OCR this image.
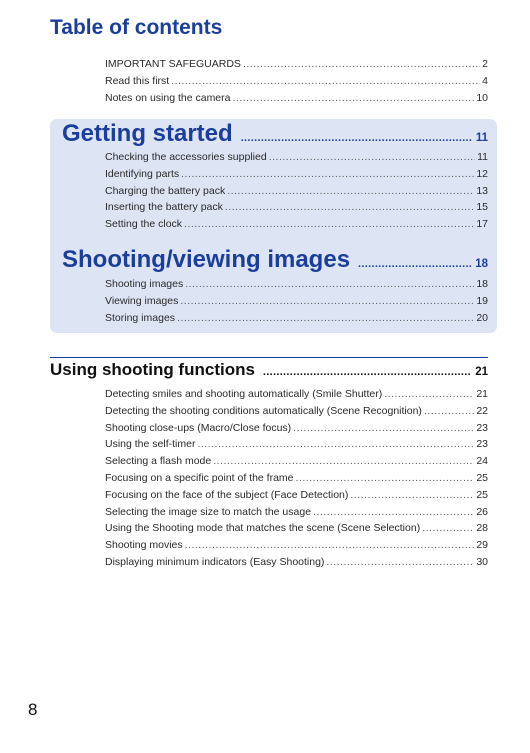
Table of contents
IMPORTANT SAFEGUARDS .....	2
Read this first .....	4
Notes on using the camera .....	10
Getting started .....	11
Checking the accessories supplied .....	11
Identifying parts .....	12
Charging the battery pack .....	13
Inserting the battery pack .....	15
Setting the clock .....	17
Shooting/viewing images .....	18
Shooting images .....	18
Viewing images .....	19
Storing images .....	20
Using shooting functions .....	21
Detecting smiles and shooting automatically (Smile Shutter) .....	21
Detecting the shooting conditions automatically (Scene Recognition) .....	22
Shooting close-ups (Macro/Close focus) .....	23
Using the self-timer .....	23
Selecting a flash mode .....	24
Focusing on a specific point of the frame .....	25
Focusing on the face of the subject (Face Detection) .....	25
Selecting the image size to match the usage .....	26
Using the Shooting mode that matches the scene (Scene Selection) .....	28
Shooting movies .....	29
Displaying minimum indicators (Easy Shooting) .....	30
8
